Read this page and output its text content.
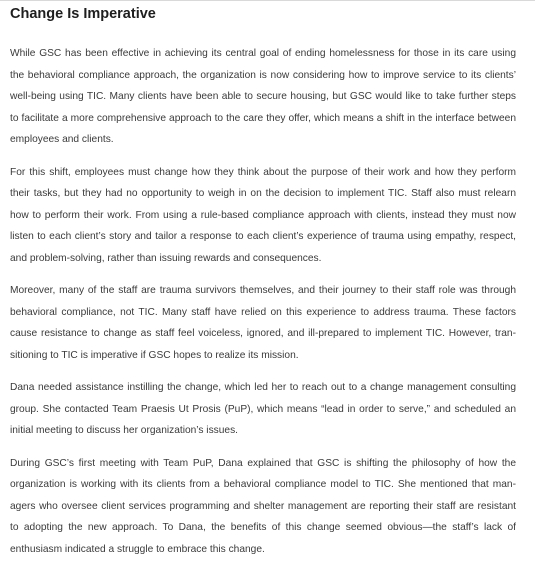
Change Is Imperative

While GSC has been effective in achieving its central goal of ending homelessness for those in its care using the behavioral compliance approach, the organization is now considering how to improve service to its clients’ well-being using TIC. Many clients have been able to secure housing, but GSC would like to take further steps to facilitate a more comprehensive approach to the care they offer, which means a shift in the interface between employees and clients.

For this shift, employees must change how they think about the purpose of their work and how they perform their tasks, but they had no opportunity to weigh in on the decision to implement TIC. Staff also must relearn how to perform their work. From using a rule-based compliance approach with clients, instead they must now listen to each client’s story and tailor a response to each client’s experience of trauma using empathy, respect, and problem-solving, rather than issuing rewards and consequences.

Moreover, many of the staff are trauma survivors themselves, and their journey to their staff role was through behavioral compliance, not TIC. Many staff have relied on this experience to address trauma. These factors cause resistance to change as staff feel voiceless, ignored, and ill-prepared to implement TIC. However, transitioning to TIC is imperative if GSC hopes to realize its mission.

Dana needed assistance instilling the change, which led her to reach out to a change management consulting group. She contacted Team Praesis Ut Prosis (PuP), which means “lead in order to serve,” and scheduled an initial meeting to discuss her organization’s issues.

During GSC’s first meeting with Team PuP, Dana explained that GSC is shifting the philosophy of how the organization is working with its clients from a behavioral compliance model to TIC. She mentioned that managers who oversee client services programming and shelter management are reporting their staff are resistant to adopting the new approach. To Dana, the benefits of this change seemed obvious—the staff’s lack of enthusiasm indicated a struggle to embrace this change.
